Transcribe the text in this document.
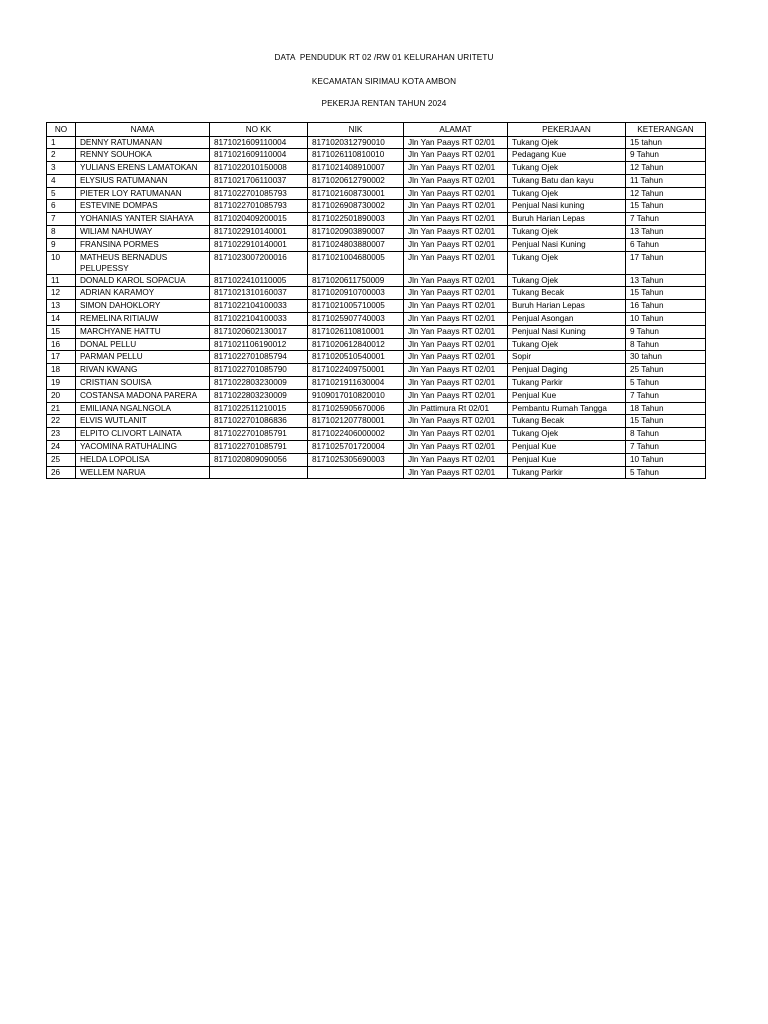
DATA  PENDUDUK RT 02 /RW 01 KELURAHAN URITETU
KECAMATAN SIRIMAU KOTA AMBON
PEKERJA RENTAN TAHUN 2024
NO	NAMA	NO KK	NIK	ALAMAT	PEKERJAAN	KETERANGAN
1	DENNY RATUMANAN	8171021609110004	8171020312790010	Jln Yan Paays RT 02/01	Tukang Ojek	15 tahun
2	RENNY SOUHOKA	8171021609110004	8171026110810010	Jln Yan Paays RT 02/01	Pedagang Kue	9 Tahun
3	YULIANS ERENS LAMATOKAN	8171022010150008	8171021408910007	Jln Yan Paays RT 02/01	Tukang Ojek	12 Tahun
4	ELYSIUS RATUMANAN	8171021706110037	8171020612790002	Jln Yan Paays RT 02/01	Tukang Batu dan kayu	11 Tahun
5	PIETER LOY RATUMANAN	8171022701085793	8171021608730001	Jln Yan Paays RT 02/01	Tukang Ojek	12 Tahun
6	ESTEVINE DOMPAS	8171022701085793	8171026908730002	Jln Yan Paays RT 02/01	Penjual Nasi kuning	15 Tahun
7	YOHANIAS YANTER SIAHAYA	8171020409200015	8171022501890003	Jln Yan Paays RT 02/01	Buruh Harian Lepas	7 Tahun
8	WILIAM NAHUWAY	8171022910140001	8171020903890007	Jln Yan Paays RT 02/01	Tukang Ojek	13 Tahun
9	FRANSINA PORMES	8171022910140001	8171024803880007	Jln Yan Paays RT 02/01	Penjual Nasi Kuning	6 Tahun
10	MATHEUS BERNADUS PELUPESSY	8171023007200016	8171021004680005	Jln Yan Paays RT 02/01	Tukang Ojek	17 Tahun
11	DONALD KAROL SOPACUA	8171022410110005	8171020611750009	Jln Yan Paays RT 02/01	Tukang Ojek	13 Tahun
12	ADRIAN KARAMOY	8171021310160037	8171020910700003	Jln Yan Paays RT 02/01	Tukang Becak	15 Tahun
13	SIMON DAHOKLORY	8171022104100033	8171021005710005	Jln Yan Paays RT 02/01	Buruh Harian Lepas	16 Tahun
14	REMELINA RITIAUW	8171022104100033	8171025907740003	Jln Yan Paays RT 02/01	Penjual Asongan	10 Tahun
15	MARCHYANE HATTU	8171020602130017	8171026110810001	Jln Yan Paays RT 02/01	Penjual Nasi Kuning	9 Tahun
16	DONAL PELLU	8171021106190012	8171020612840012	Jln Yan Paays RT 02/01	Tukang Ojek	8 Tahun
17	PARMAN PELLU	8171022701085794	8171020510540001	Jln Yan Paays RT 02/01	Sopir	30 tahun
18	RIVAN KWANG	8171022701085790	8171022409750001	Jln Yan Paays RT 02/01	Penjual Daging	25 Tahun
19	CRISTIAN SOUISA	8171022803230009	8171021911630004	Jln Yan Paays RT 02/01	Tukang Parkir	5 Tahun
20	COSTANSA MADONA PARERA	8171022803230009	9109017010820010	Jln Yan Paays RT 02/01	Penjual Kue	7 Tahun
21	EMILIANA NGALNGOLA	8171022511210015	8171025905670006	Jln Pattimura Rt 02/01	Pembantu Rumah Tangga	18 Tahun
22	ELVIS WUTLANIT	8171022701086836	8171021207780001	Jln Yan Paays RT 02/01	Tukang Becak	15 Tahun
23	ELPITO CLIVORT LAINATA	8171022701085791	8171022406000002	Jln Yan Paays RT 02/01	Tukang Ojek	8 Tahun
24	YACOMINA RATUHALING	8171022701085791	8171025701720004	Jln Yan Paays RT 02/01	Penjual Kue	7 Tahun
25	HELDA LOPOLISA	8171020809090056	8171025305690003	Jln Yan Paays RT 02/01	Penjual Kue	10 Tahun
26	WELLEM NARUA			Jln Yan Paays RT 02/01	Tukang Parkir	5 Tahun
